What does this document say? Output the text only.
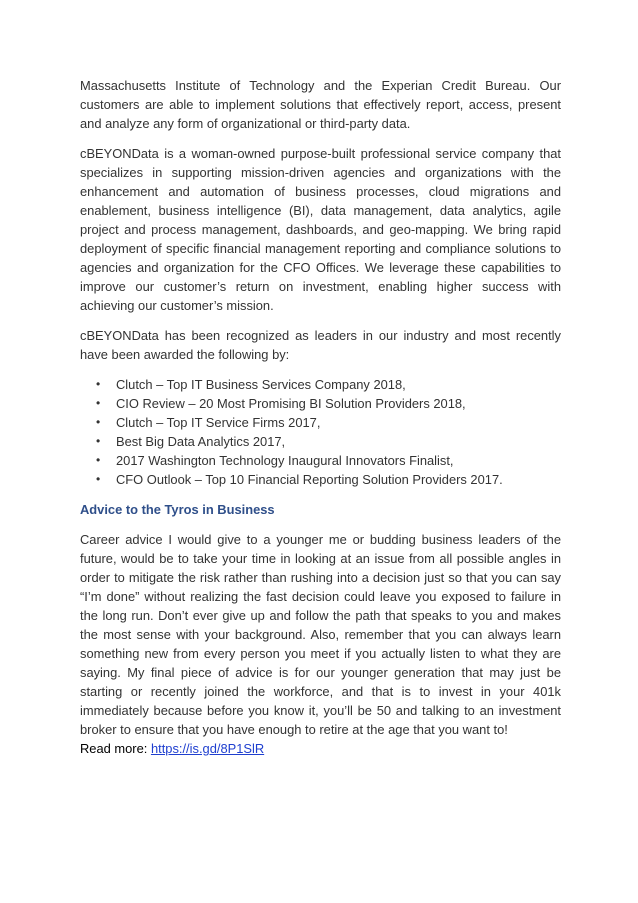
Massachusetts Institute of Technology and the Experian Credit Bureau. Our customers are able to implement solutions that effectively report, access, present and analyze any form of organizational or third-party data.

cBEYONData is a woman-owned purpose-built professional service company that specializes in supporting mission-driven agencies and organizations with the enhancement and automation of business processes, cloud migrations and enablement, business intelligence (BI), data management, data analytics, agile project and process management, dashboards, and geo-mapping. We bring rapid deployment of specific financial management reporting and compliance solutions to agencies and organization for the CFO Offices. We leverage these capabilities to improve our customer’s return on investment, enabling higher success with achieving our customer’s mission.

cBEYONData has been recognized as leaders in our industry and most recently have been awarded the following by:

• Clutch – Top IT Business Services Company 2018,
• CIO Review – 20 Most Promising BI Solution Providers 2018,
• Clutch – Top IT Service Firms 2017,
• Best Big Data Analytics 2017,
• 2017 Washington Technology Inaugural Innovators Finalist,
• CFO Outlook – Top 10 Financial Reporting Solution Providers 2017.
Advice to the Tyros in Business

Career advice I would give to a younger me or budding business leaders of the future, would be to take your time in looking at an issue from all possible angles in order to mitigate the risk rather than rushing into a decision just so that you can say “I’m done” without realizing the fast decision could leave you exposed to failure in the long run. Don’t ever give up and follow the path that speaks to you and makes the most sense with your background. Also, remember that you can always learn something new from every person you meet if you actually listen to what they are saying. My final piece of advice is for our younger generation that may just be starting or recently joined the workforce, and that is to invest in your 401k immediately because before you know it, you’ll be 50 and talking to an investment broker to ensure that you have enough to retire at the age that you want to!

Read more: https://is.gd/8P1SlR
